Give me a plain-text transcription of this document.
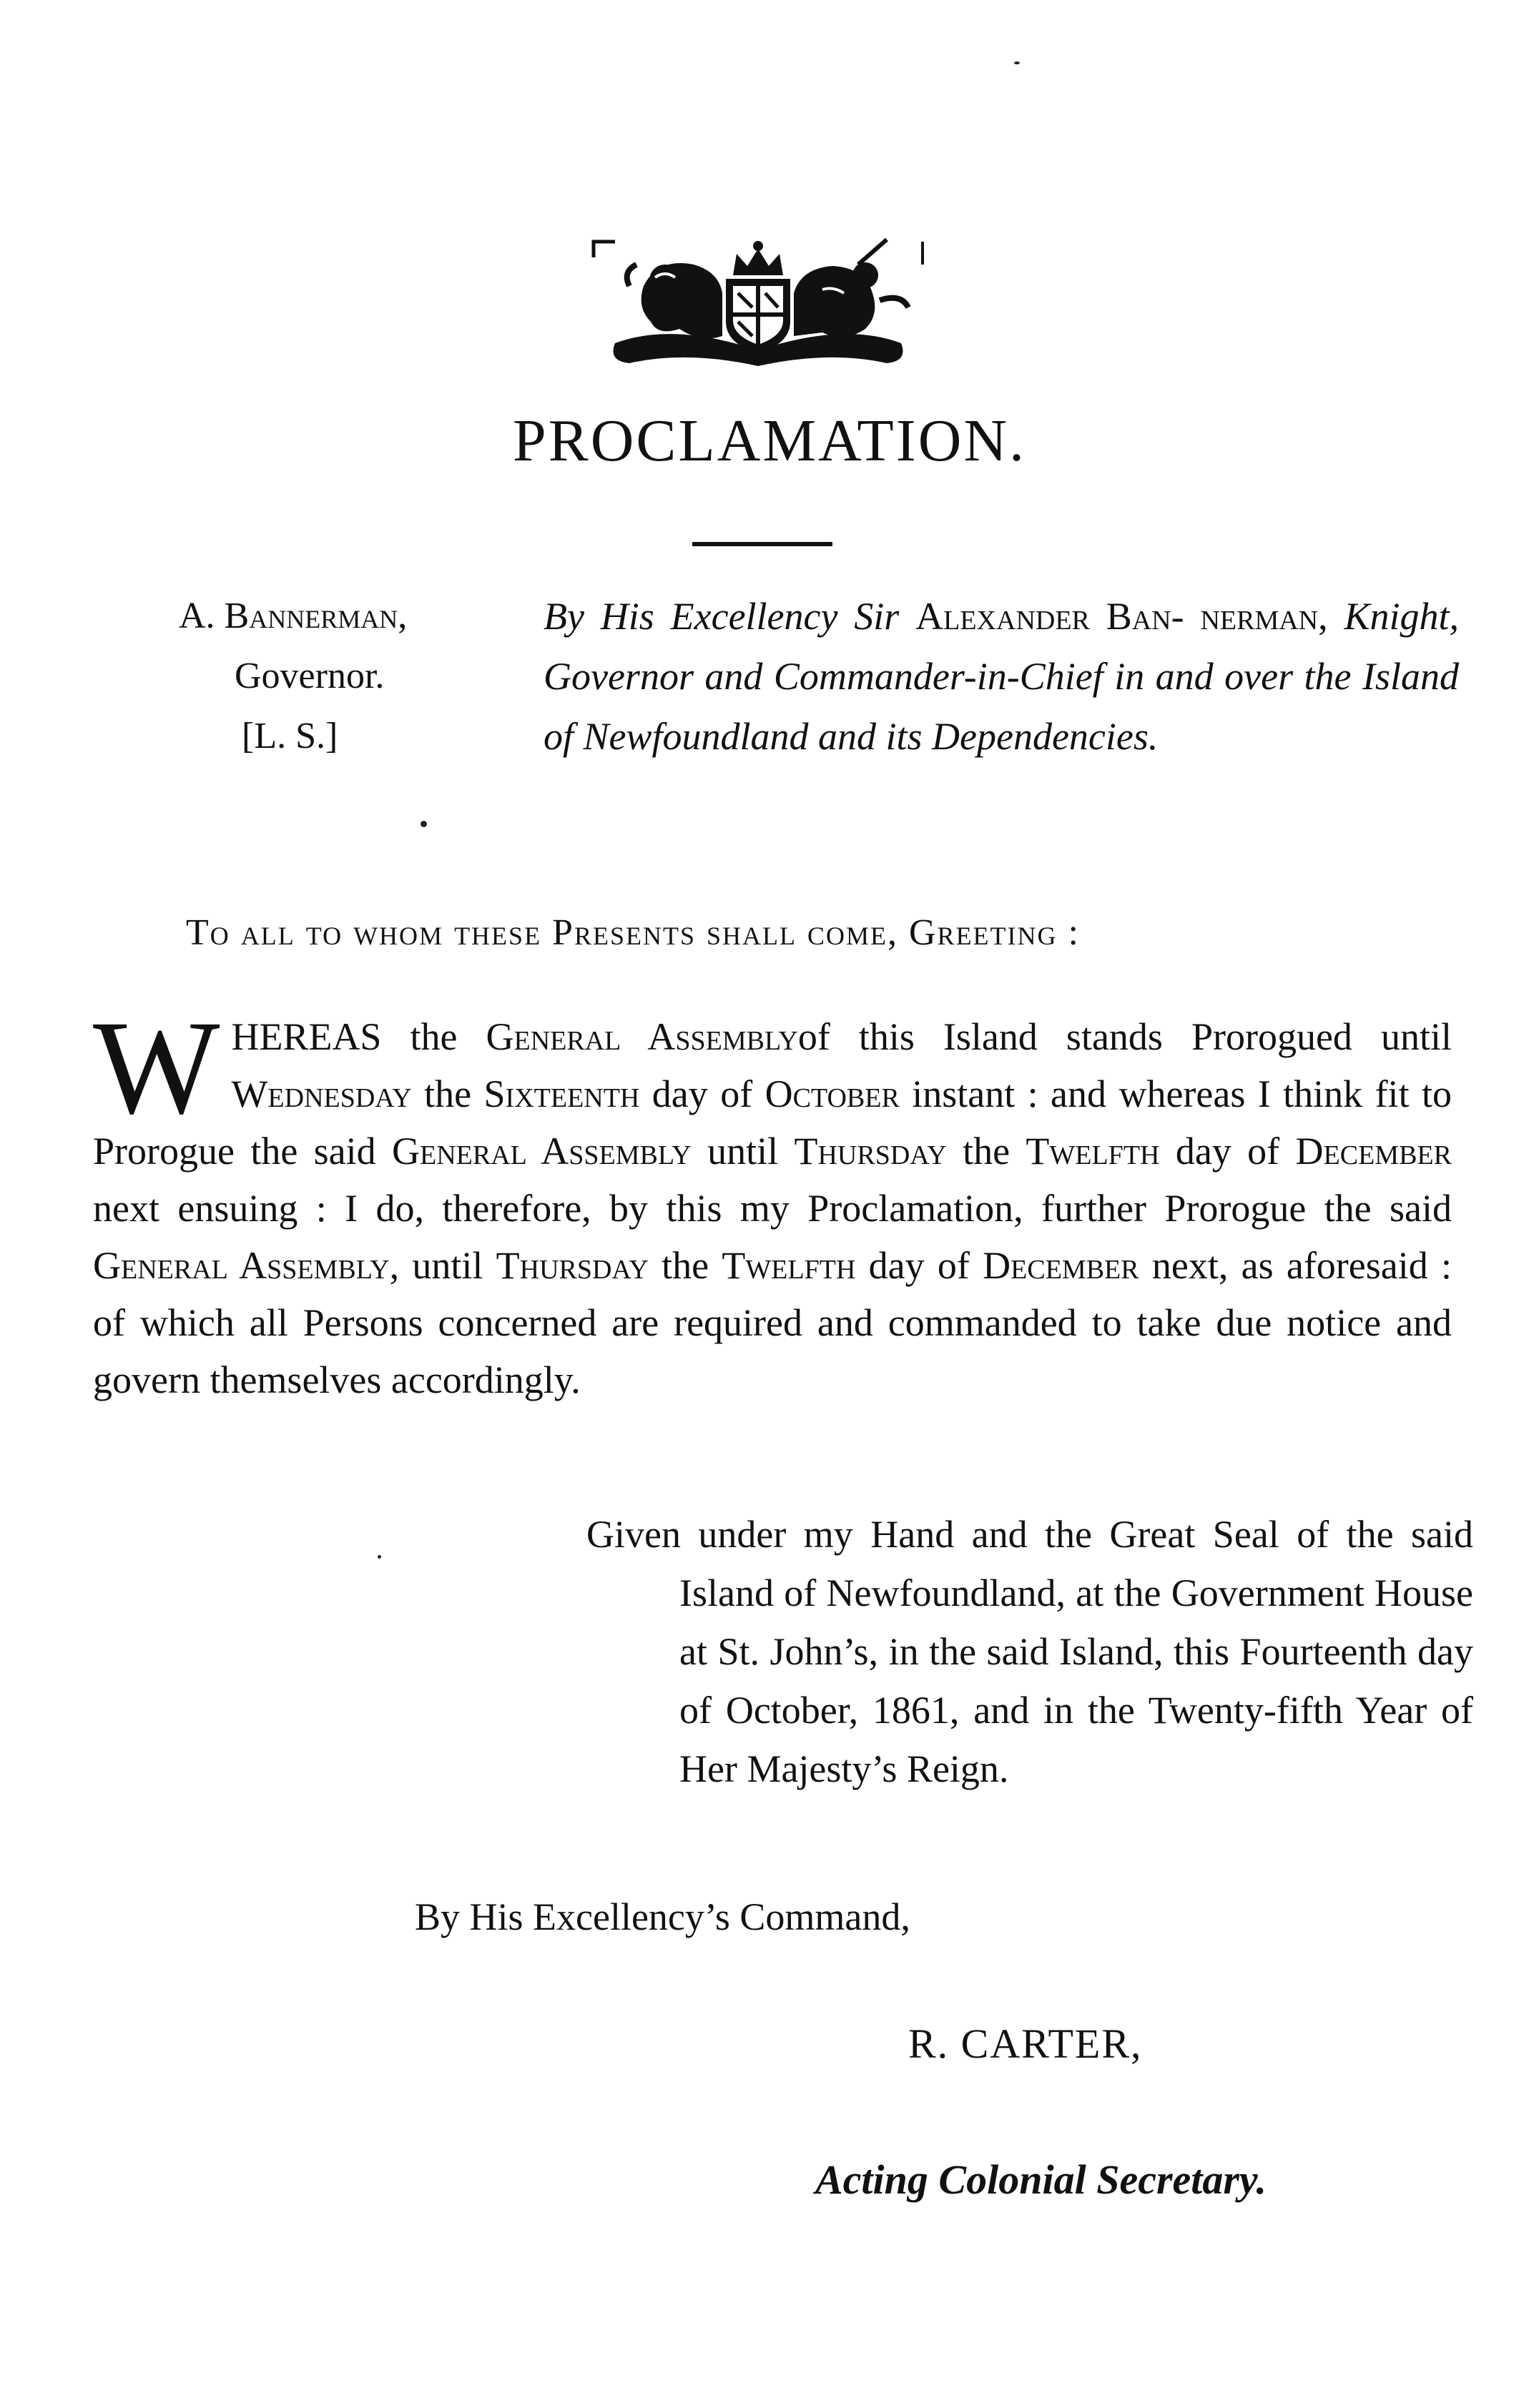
PROCLAMATION.
A. Bannerman,
Governor.
[L. S.]
By His Excellency Sir Alexander Ban- nerman, Knight, Governor and Commander-in-Chief in and over the Island of Newfoundland and its Dependencies.
To all to whom these Presents shall come, Greeting :
WHEREAS the General Assemblyof this Island stands Prorogued until Wednesday the Sixteenth day of October instant : and whereas I think fit to Prorogue the said General Assembly until Thursday the Twelfth day of December next ensuing : I do, therefore, by this my Proclamation, further Prorogue the said General Assembly, until Thursday the Twelfth day of December next, as aforesaid : of which all Persons concerned are required and commanded to take due notice and govern themselves accordingly.
Given under my Hand and the Great Seal of the said Island of Newfoundland, at the Government House at St. John’s, in the said Island, this Fourteenth day of October, 1861, and in the Twenty-fifth Year of Her Majesty’s Reign.
By His Excellency’s Command,
R. CARTER,
Acting Colonial Secretary.
